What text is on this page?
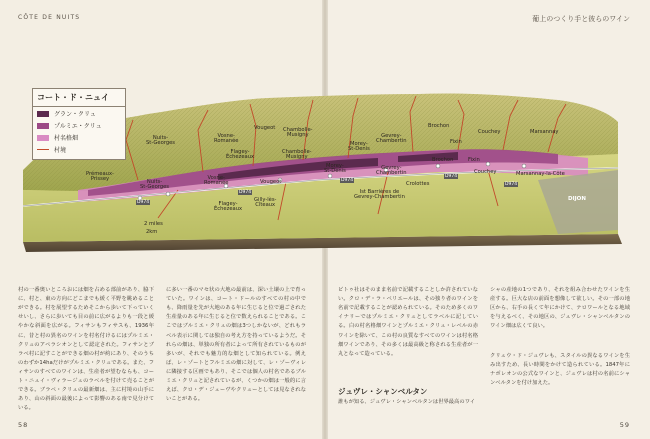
CÔTE DE NUITS	葡上のつくり手と彼らのワイン
Nuits-
St-Georges
Vosne-
Romanée
Vougeot
Flagey-
Échezeaux
Chambolle-
Musigny
Morey-
St-Denis
Gevrey-
Chambertin
Brochon
Fixin
Couchey	Marsannay
Prémeaux-
Prissey	Nuits-
St-Georges
Vosne-
Romanée
Flagey-
Échezeaux
Vougeot
Gilly-lès-
Cîteaux
Chambolle-
Musigny
Morey-
St-Denis
Gevrey-
Chambertin
Brochon	Fixin
Couchey	Marsannay-la-Côte
Crolottes
Ist Barrières de
Gevrey-Chambertin
2 miles
2km
D974
D974
D974
D974
D974
DIJON
コート・ド・ニュイ
グラン・クリュ
プルミエ・クリュ
村名格畑
村境
村の一番奥いところおには畑を占める部前があり、脇下に、村と、東の方向にどこまでも緩く平野を眺めることができる。村を展望するためそこから歩いて下っていくせいし、さらに歩いても目の前に広がるよりも一段と緩やかな斜面を広がる。フィサンもフィサスも、1936年に、昔と村の異名のワインを村名付けるにはプルミエ・クリュのアペラシオンとして認定された。フィサンとブラべ村に記すことができる畑の村が約にあり、そのうちのわずか14haだけがプルミエ・クリュである。また、フィサンのすべてのワインは、生産者が望むならも、コート・ニュイ・ヴィラージュのラベルを付けて売ることができる。ブラペ・クリュの最新畑は、主に村境の山手にあり、山の斜面の最後によって影響のある南で見分けている。
に多い一番のマセ状の大地の最前は、深い土壌の上で育っていた。ワインは、コート・ドールのすべての村の中でも、降雨量を先が大地のある年に生じると位で過ごされた生産量のある年に生じると位で数えられることである。ここではブルミエ・クリュの畑は3つしかないが、どれもラベル表示に関しては独自の考え方を持っているようだ。それらの畑は、単独の所有者によって所有されているものが多いが、それでも魅力的な畑として知られている。例えば、レ・ゾートとフルミエの畑に対して、レ・ゾーヴィレに隣接する区画でもあり、そこでは個人の村名であるブルミエ・クリュと記されているが、くつかの畑は一般的に言えば、クロ・デ・ジェーヴやクリューとしては見なされないことがある。
ピトゥ社はそのまま名前で記載することしか許されていない。クロ・デ・ラ・ペリエールは、その独り者のワインを名前で記載することが認められている。そのため多くのワイナリーではプルミエ・クリュとしてラベルに記している。白の村名格畑ワインとプルミエ・クリュ・レベルの赤ワインを除いて、この村の良質なすべてのワインは村名格畑ワインであり、その多くは最高級と称される生産者が一丸となって造っている。
ジュヴレ・シャンベルタン
誰もが知る、ジュヴレ・シャンベルタンは世界最高のワイ
シャの産地の1つであり、それを組み合わせたワインを生産する。巨大な店の前面を想像して欲しい。その一部の地区から、右手の長くて年にかけて、テロワールとなる地域を与えるべく、その地区の、ジュヴレ・シャンベルタンのワイン畑は広くて良い。
クリュウ・ド・ジュヴレも、スタイルの異なるワインを生み出すため、長い時間をかけて造られている。1847年にナポレオンの公式なワインと、ジュヴレは村の名前にシャンベルタンを付け加えた。
58	59
